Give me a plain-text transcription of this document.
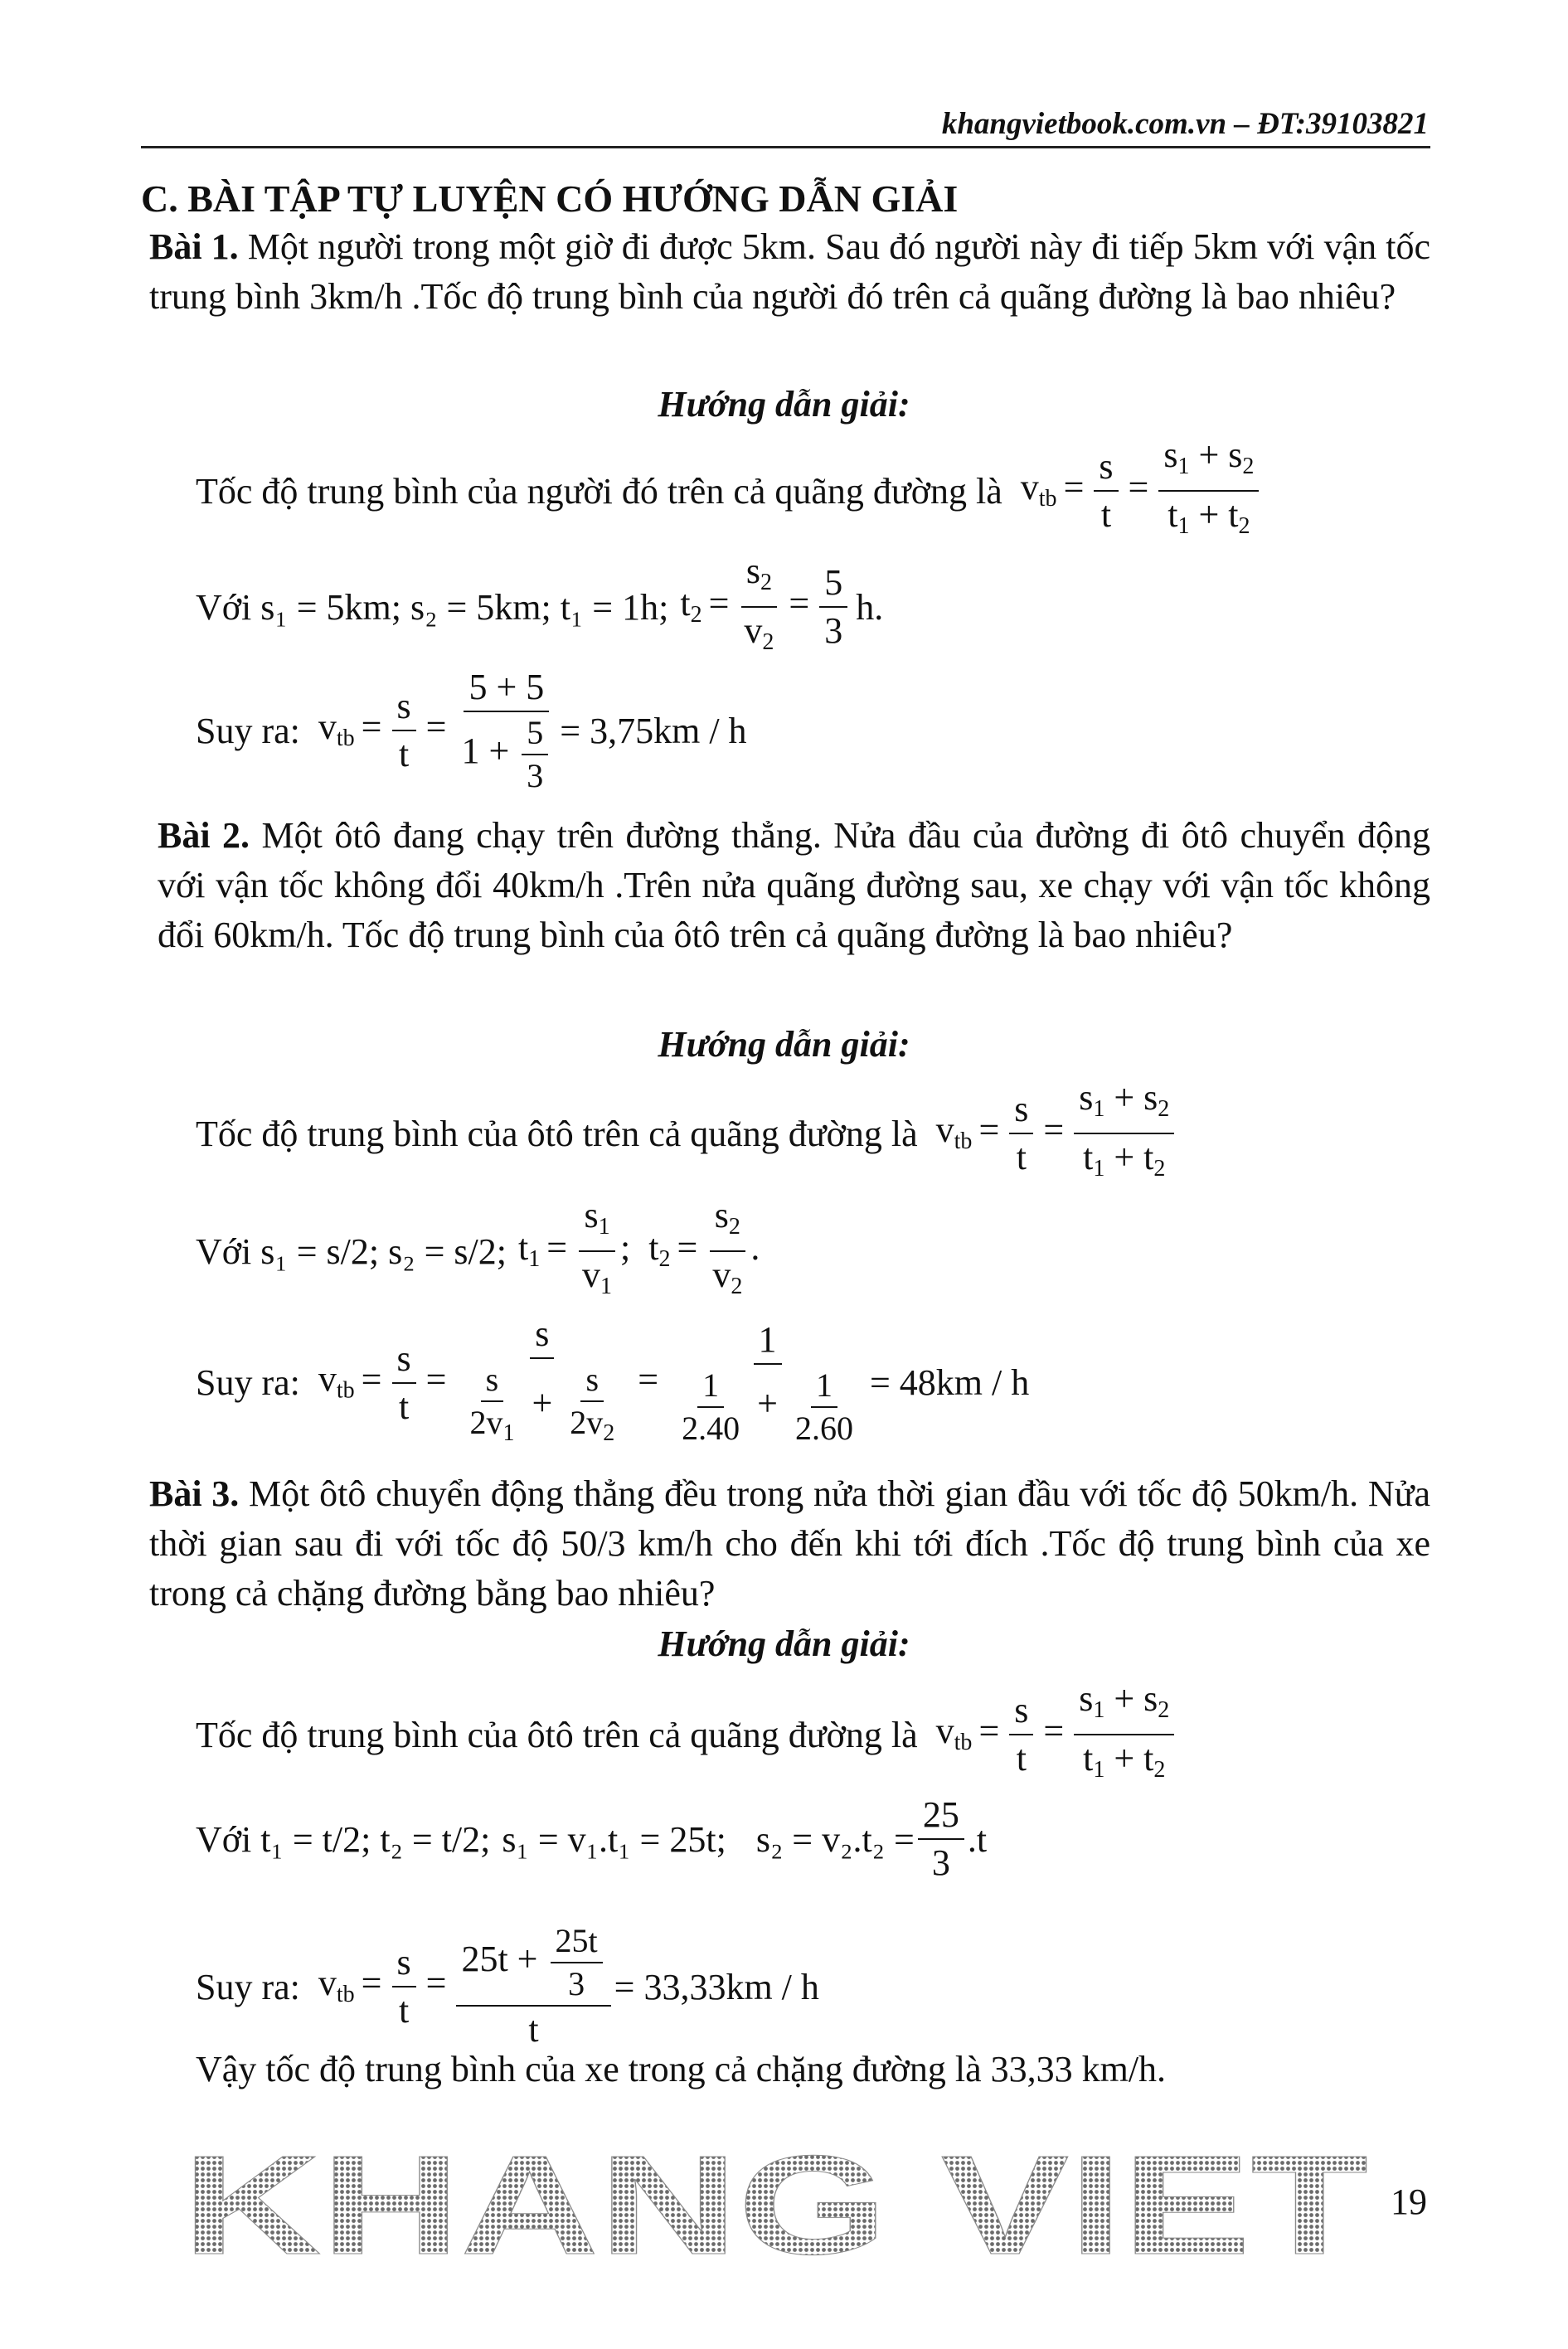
khangvietbook.com.vn – ĐT:39103821
C. BÀI TẬP TỰ LUYỆN CÓ HƯỚNG DẪN GIẢI
Bài 1. Một người trong một giờ đi được 5km. Sau đó người này đi tiếp 5km với vận tốc trung bình 3km/h .Tốc độ trung bình của người đó trên cả quãng đường là bao nhiêu?
Hướng dẫn giải:
Tốc độ trung bình của người đó trên cả quãng đường là $v_{tb} = \frac{s}{t} = \frac{s_1 + s_2}{t_1 + t_2}$
Với s₁ = 5km; s₂ = 5km; t₁ = 1h; $t_2 = \frac{s_2}{v_2} = \frac{5}{3} h$.
Suy ra: $v_{tb} = \frac{s}{t} = \frac{5 + 5}{1 + \frac{5}{3}} = 3,75km / h$
Bài 2. Một ôtô đang chạy trên đường thẳng. Nửa đầu của đường đi ôtô chuyển động với vận tốc không đổi 40km/h .Trên nửa quãng đường sau, xe chạy với vận tốc không đổi 60km/h. Tốc độ trung bình của ôtô trên cả quãng đường là bao nhiêu?
Hướng dẫn giải:
Tốc độ trung bình của ôtô trên cả quãng đường là $v_{tb} = \frac{s}{t} = \frac{s_1 + s_2}{t_1 + t_2}$
Với s₁ = s/2; s₂ = s/2; $t_1 = \frac{s_1}{v_1}$ ;  $t_2 = \frac{s_2}{v_2}$ .
Suy ra: $v_{tb} = \frac{s}{t} = \frac{s}{\frac{s}{2v_1} + \frac{s}{2v_2}} = \frac{1}{\frac{1}{2.40} + \frac{1}{2.60}} = 48km / h$
Bài 3. Một ôtô chuyển động thẳng đều trong nửa thời gian đầu với tốc độ 50km/h. Nửa thời gian sau đi với tốc độ 50/3 km/h cho đến khi tới đích .Tốc độ trung bình của xe trong cả chặng đường bằng bao nhiêu?
Hướng dẫn giải:
Tốc độ trung bình của ôtô trên cả quãng đường là $v_{tb} = \frac{s}{t} = \frac{s_1 + s_2}{t_1 + t_2}$
Với t₁ = t/2; t₂ = t/2; s₁ = v₁.t₁ = 25t; $s_2 = v_2.t_2 = \frac{25}{3} .t$
Suy ra: $v_{tb} = \frac{s}{t} = \frac{25t + \frac{25t}{3}}{t} = 33,33km / h$
Vậy tốc độ trung bình của xe trong cả chặng đường là 33,33 km/h.
KHANG VIET 19
